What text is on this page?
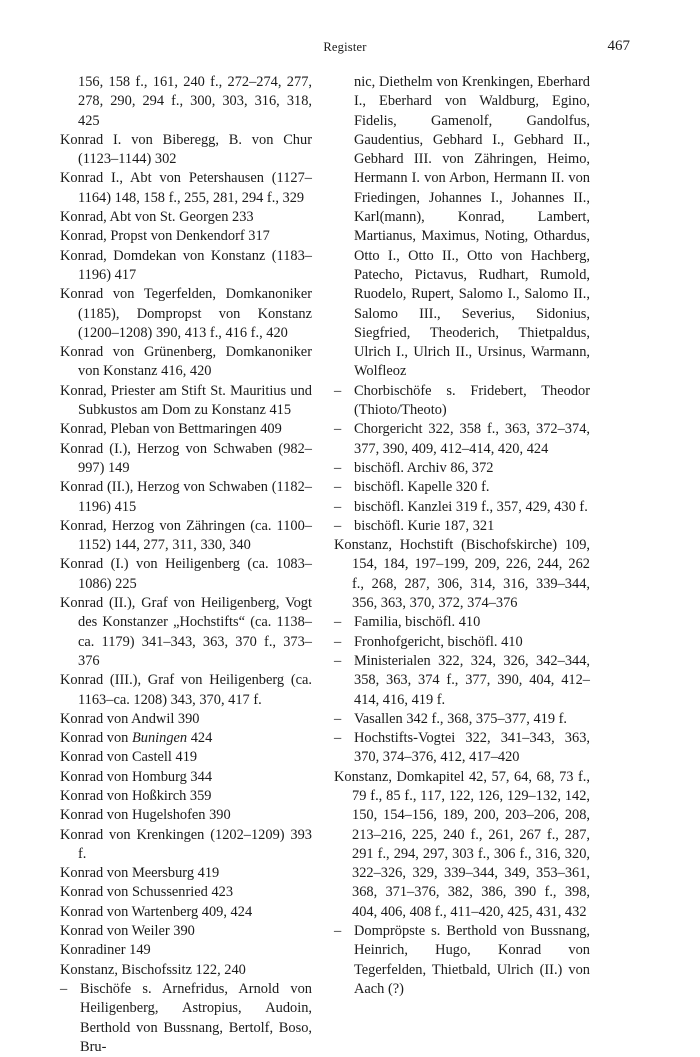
Register	467
156, 158 f., 161, 240 f., 272–274, 277, 278, 290, 294 f., 300, 303, 316, 318, 425
Konrad I. von Biberegg, B. von Chur (1123–1144) 302
Konrad I., Abt von Petershausen (1127–1164) 148, 158 f., 255, 281, 294 f., 329
Konrad, Abt von St. Georgen 233
Konrad, Propst von Denkendorf 317
Konrad, Domdekan von Konstanz (1183–1196) 417
Konrad von Tegerfelden, Domkanoniker (1185), Dompropst von Konstanz (1200–1208) 390, 413 f., 416 f., 420
Konrad von Grünenberg, Domkanoniker von Konstanz 416, 420
Konrad, Priester am Stift St. Mauritius und Subkustos am Dom zu Konstanz 415
Konrad, Pleban von Bettmaringen 409
Konrad (I.), Herzog von Schwaben (982–997) 149
Konrad (II.), Herzog von Schwaben (1182–1196) 415
Konrad, Herzog von Zähringen (ca. 1100–1152) 144, 277, 311, 330, 340
Konrad (I.) von Heiligenberg (ca. 1083–1086) 225
Konrad (II.), Graf von Heiligenberg, Vogt des Konstanzer „Hochstifts“ (ca. 1138–ca. 1179) 341–343, 363, 370 f., 373–376
Konrad (III.), Graf von Heiligenberg (ca. 1163–ca. 1208) 343, 370, 417 f.
Konrad von Andwil 390
Konrad von Buningen 424
Konrad von Castell 419
Konrad von Homburg 344
Konrad von Hoßkirch 359
Konrad von Hugelshofen 390
Konrad von Krenkingen (1202–1209) 393 f.
Konrad von Meersburg 419
Konrad von Schussenried 423
Konrad von Wartenberg 409, 424
Konrad von Weiler 390
Konradiner 149
Konstanz, Bischofssitz 122, 240
– Bischöfe s. Arnefridus, Arnold von Heiligenberg, Astropius, Audoin, Berthold von Bussnang, Bertolf, Boso, Bru-
nic, Diethelm von Krenkingen, Eberhard I., Eberhard von Waldburg, Egino, Fidelis, Gamenolf, Gandolfus, Gaudentius, Gebhard I., Gebhard II., Gebhard III. von Zähringen, Heimo, Hermann I. von Arbon, Hermann II. von Friedingen, Johannes I., Johannes II., Karl(mann), Konrad, Lambert, Martianus, Maximus, Noting, Othardus, Otto I., Otto II., Otto von Hachberg, Patecho, Pictavus, Rudhart, Rumold, Ruodelo, Rupert, Salomo I., Salomo II., Salomo III., Severius, Sidonius, Siegfried, Theoderich, Thietpaldus, Ulrich I., Ulrich II., Ursinus, Warmann, Wolfleoz
– Chorbischöfe s. Fridebert, Theodor (Thioto/Theoto)
– Chorgericht 322, 358 f., 363, 372–374, 377, 390, 409, 412–414, 420, 424
– bischöfl. Archiv 86, 372
– bischöfl. Kapelle 320 f.
– bischöfl. Kanzlei 319 f., 357, 429, 430 f.
– bischöfl. Kurie 187, 321
Konstanz, Hochstift (Bischofskirche) 109, 154, 184, 197–199, 209, 226, 244, 262 f., 268, 287, 306, 314, 316, 339–344, 356, 363, 370, 372, 374–376
– Familia, bischöfl. 410
– Fronhofgericht, bischöfl. 410
– Ministerialen 322, 324, 326, 342–344, 358, 363, 374 f., 377, 390, 404, 412–414, 416, 419 f.
– Vasallen 342 f., 368, 375–377, 419 f.
– Hochstifts-Vogtei 322, 341–343, 363, 370, 374–376, 412, 417–420
Konstanz, Domkapitel 42, 57, 64, 68, 73 f., 79 f., 85 f., 117, 122, 126, 129–132, 142, 150, 154–156, 189, 200, 203–206, 208, 213–216, 225, 240 f., 261, 267 f., 287, 291 f., 294, 297, 303 f., 306 f., 316, 320, 322–326, 329, 339–344, 349, 353–361, 368, 371–376, 382, 386, 390 f., 398, 404, 406, 408 f., 411–420, 425, 431, 432
– Dompröpste s. Berthold von Bussnang, Heinrich, Hugo, Konrad von Tegerfelden, Thietbald, Ulrich (II.) von Aach (?)
